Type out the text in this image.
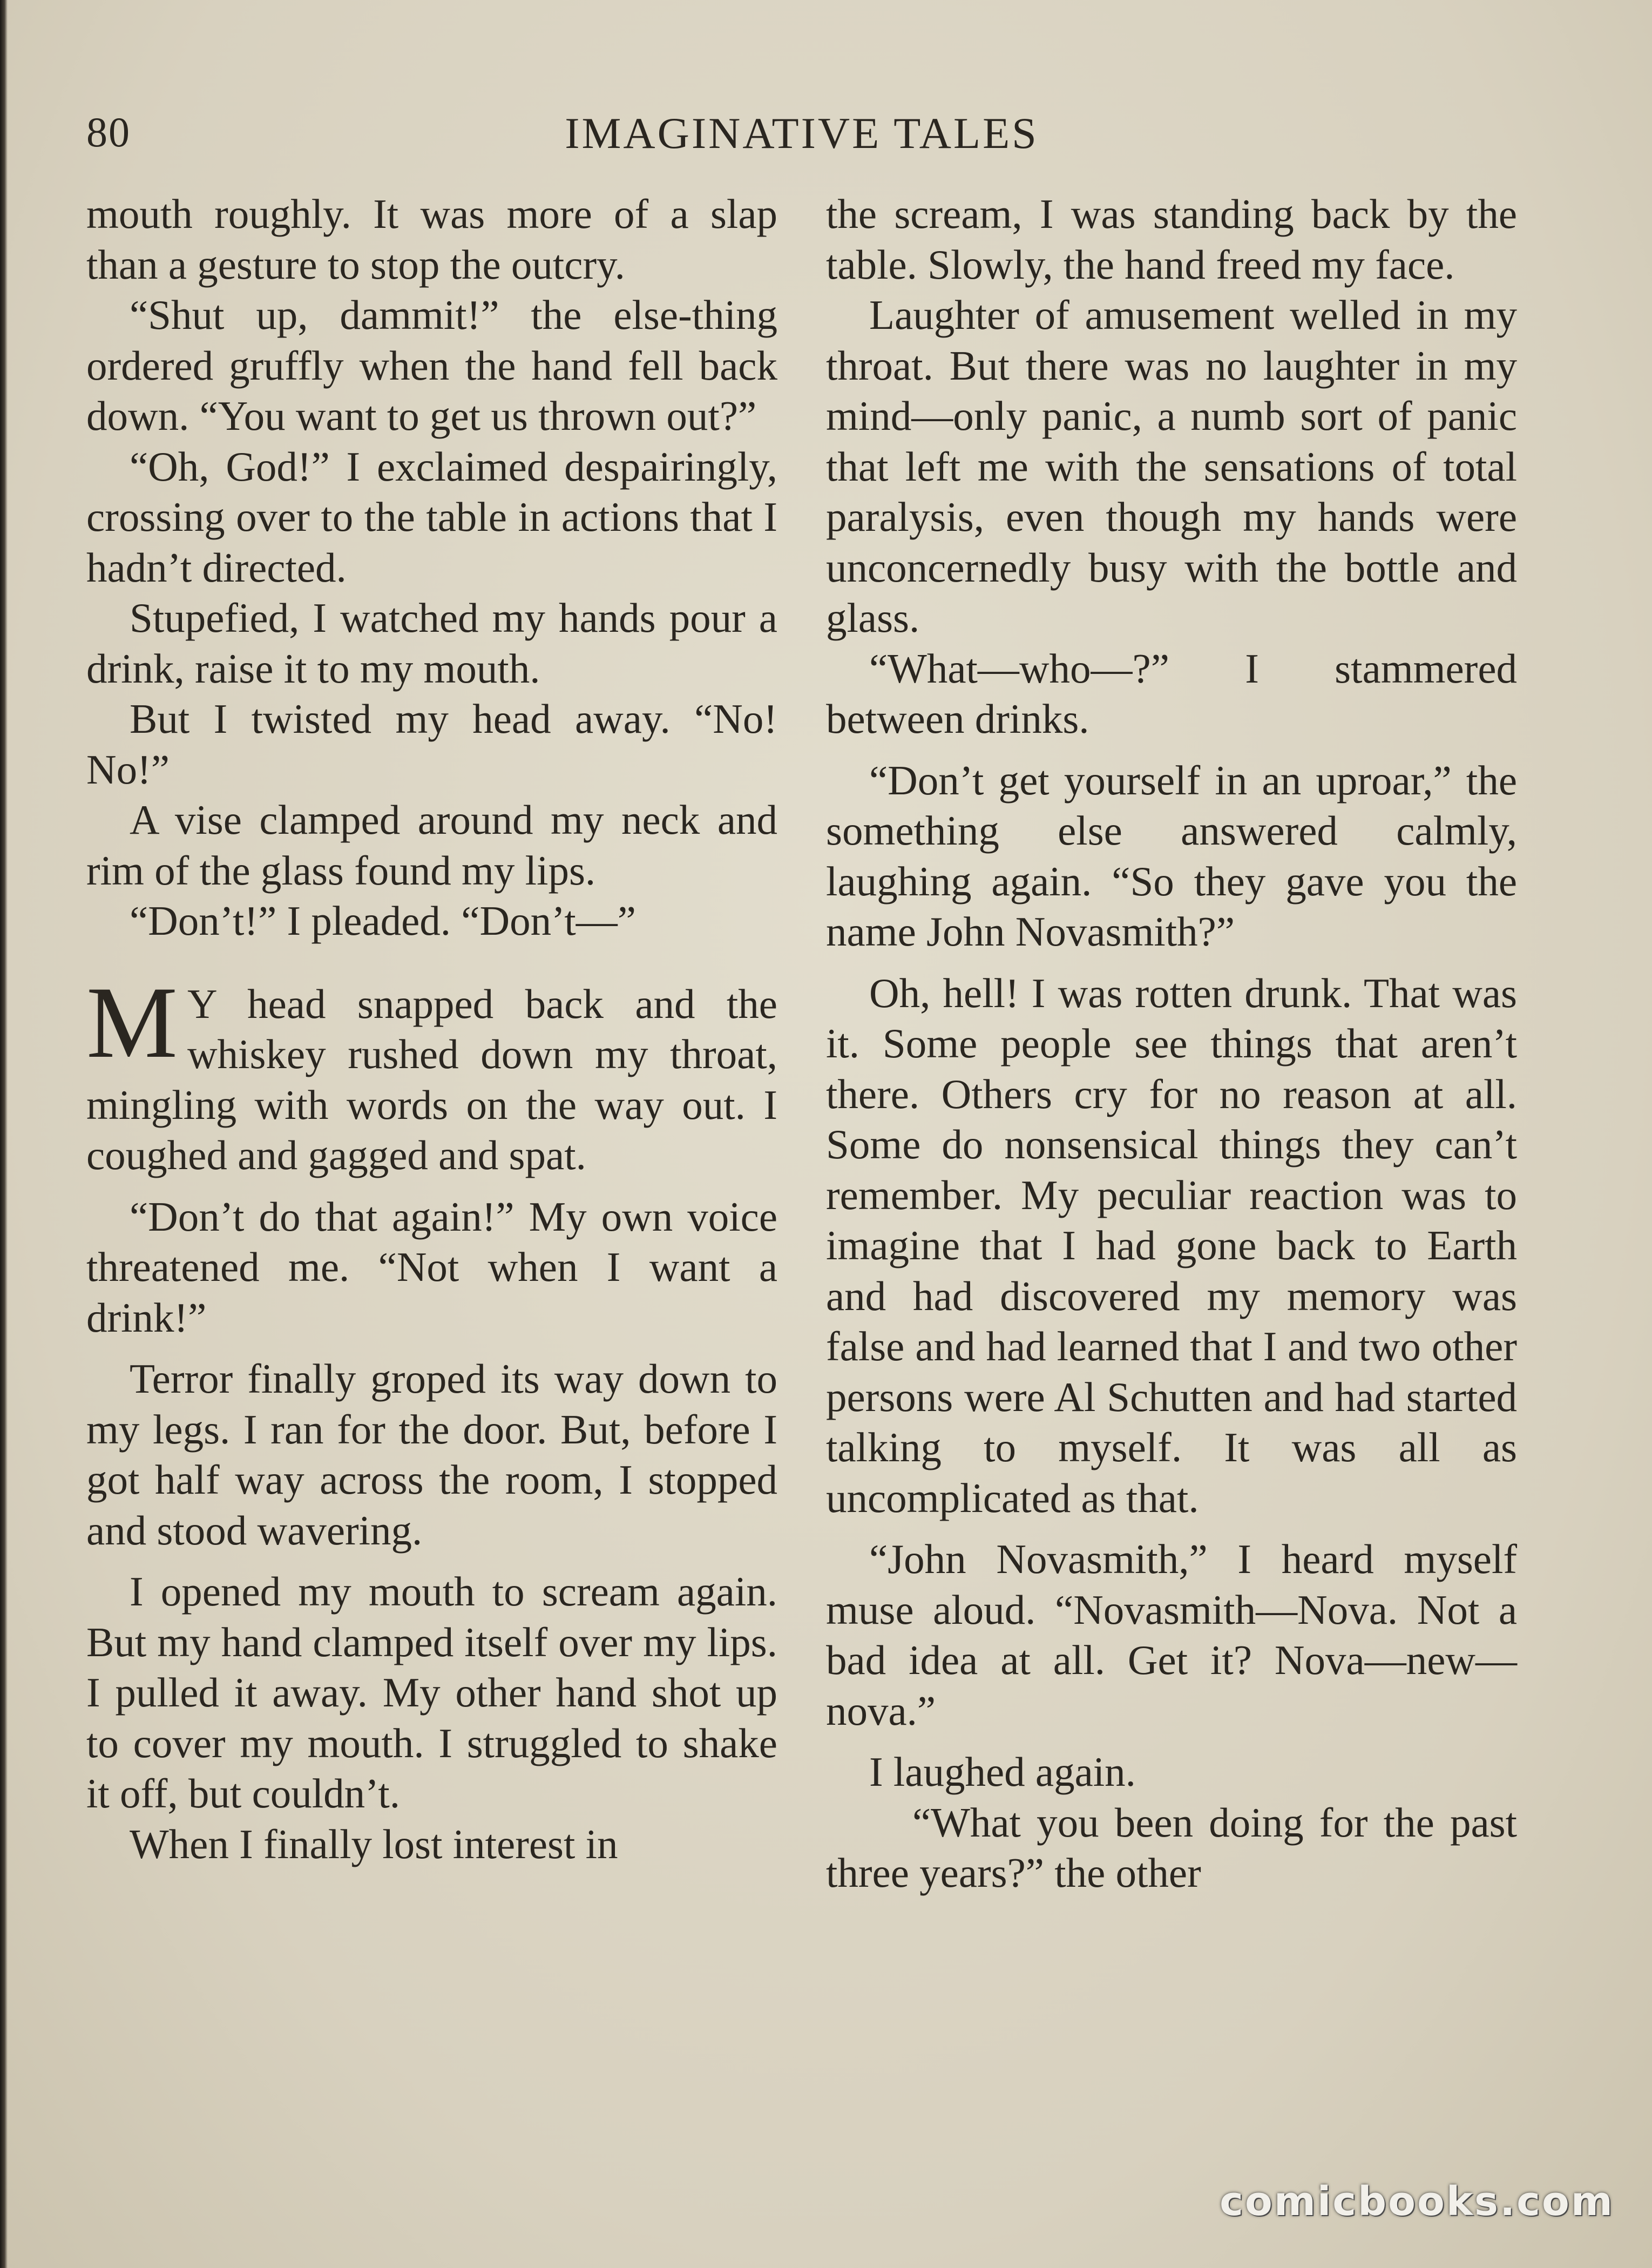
80	IMAGINATIVE TALES

mouth roughly. It was more of a slap than a gesture to stop the outcry.

“Shut up, dammit!” the else-thing ordered gruffly when the hand fell back down. “You want to get us thrown out?”

“Oh, God!” I exclaimed despairingly, crossing over to the table in actions that I hadn’t directed.

Stupefied, I watched my hands pour a drink, raise it to my mouth.

But I twisted my head away. “No! No!”

A vise clamped around my neck and rim of the glass found my lips.

“Don’t!” I pleaded. “Don’t—”

M Y head snapped back and the whiskey rushed down my throat, mingling with words on the way out. I coughed and gagged and spat.

“Don’t do that again!” My own voice threatened me. “Not when I want a drink!”

Terror finally groped its way down to my legs. I ran for the door. But, before I got half way across the room, I stopped and stood wavering.

I opened my mouth to scream again. But my hand clamped itself over my lips. I pulled it away. My other hand shot up to cover my mouth. I struggled to shake it off, but couldn’t.

When I finally lost interest in

the scream, I was standing back by the table. Slowly, the hand freed my face.

Laughter of amusement welled in my throat. But there was no laughter in my mind—only panic, a numb sort of panic that left me with the sensations of total paralysis, even though my hands were unconcernedly busy with the bottle and glass.

“What—who—?” I stammered between drinks.

“Don’t get yourself in an uproar,” the something else answered calmly, laughing again. “So they gave you the name John Novasmith?”

Oh, hell! I was rotten drunk. That was it. Some people see things that aren’t there. Others cry for no reason at all. Some do nonsensical things they can’t remember. My peculiar reaction was to imagine that I had gone back to Earth and had discovered my memory was false and had learned that I and two other persons were Al Schutten and had started talking to myself. It was all as uncomplicated as that.

“John Novasmith,” I heard myself muse aloud. “Novasmith—Nova. Not a bad idea at all. Get it? Nova—new—nova.”

I laughed again.

“What you been doing for the past three years?” the other

comicbooks.com
